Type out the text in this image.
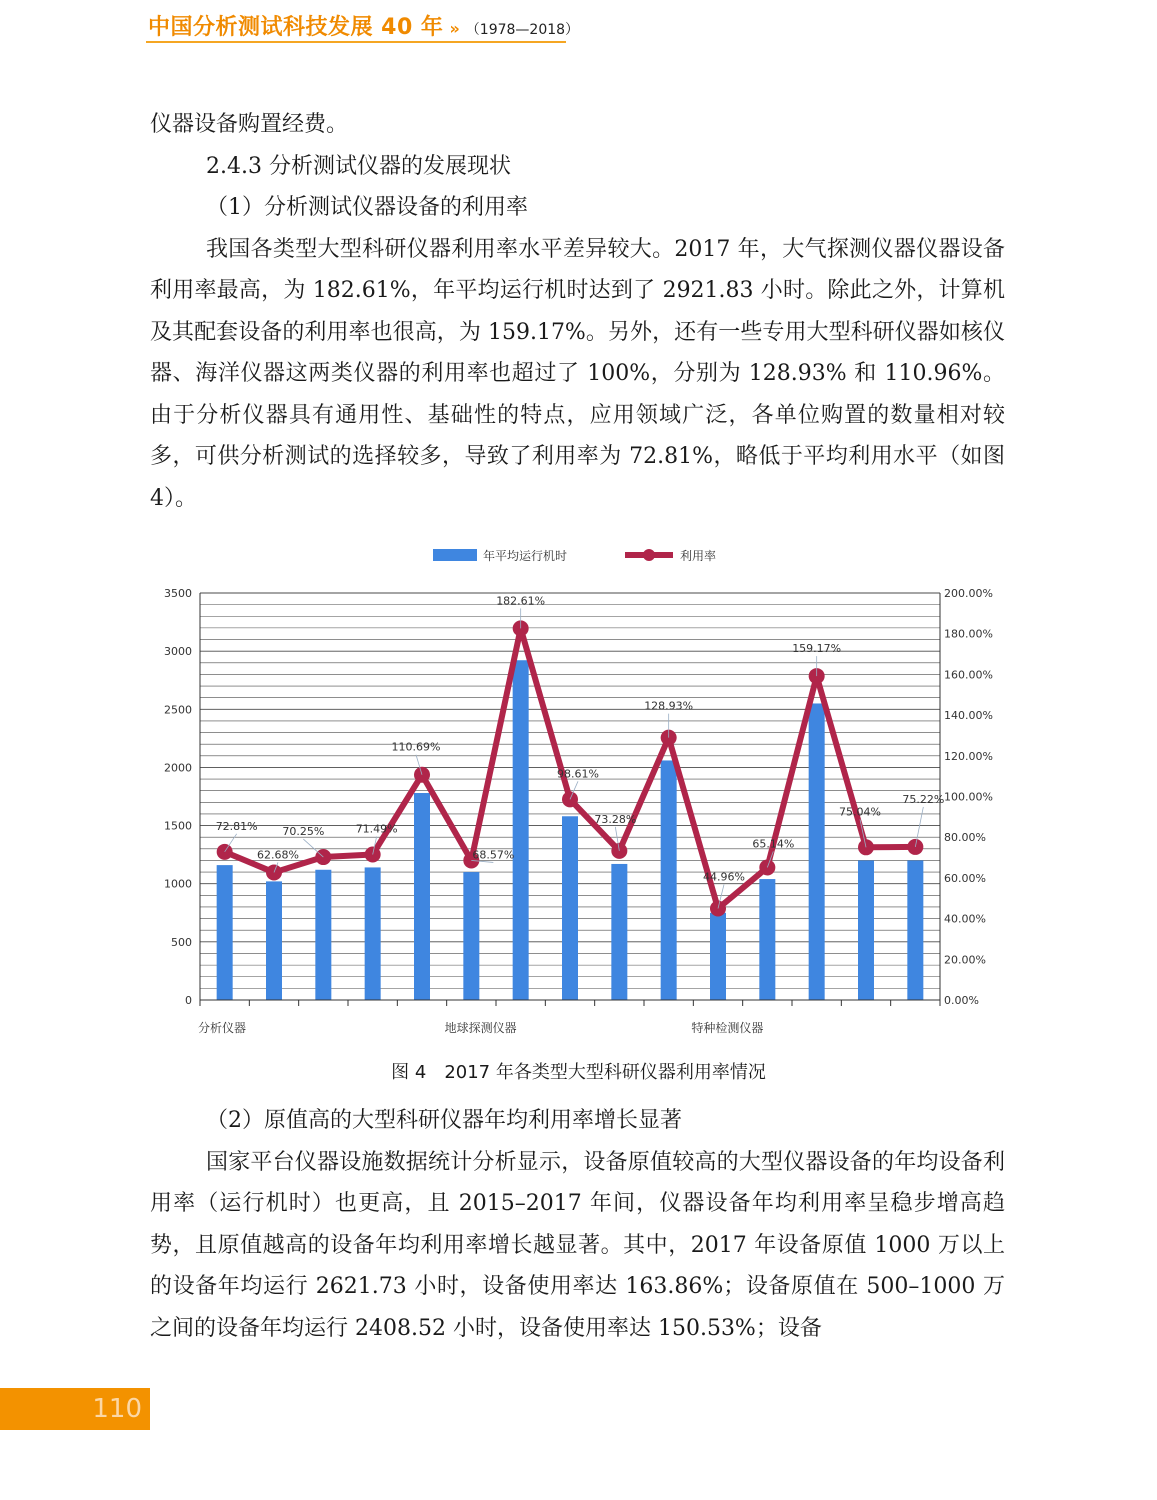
中国分析测试科技发展 40 年 » （1978—2018）

仪器设备购置经费。

2.4.3 分析测试仪器的发展现状

（1）分析测试仪器设备的利用率

我国各类型大型科研仪器利用率水平差异较大。2017 年，大气探测仪器仪器设备利用率最高，为 182.61%，年平均运行机时达到了 2921.83 小时。除此之外，计算机及其配套设备的利用率也很高，为 159.17%。另外，还有一些专用大型科研仪器如核仪器、海洋仪器这两类仪器的利用率也超过了 100%，分别为 128.93% 和 110.96%。由于分析仪器具有通用性、基础性的特点，应用领域广泛，各单位购置的数量相对较多，可供分析测试的选择较多，导致了利用率为 72.81%，略低于平均利用水平（如图 4）。

年平均运行机时	利用率
0
500
1000
1500
2000
2500
3000
3500
0.00%
20.00%
40.00%
60.00%
80.00%
100.00%
120.00%
140.00%
160.00%
180.00%
200.00%
分析仪器	地球探测仪器	特种检测仪器
72.81%
62.68%
70.25%	71.49%
110.69%
68.57%
182.61%
98.61%
73.28%
128.93%
44.96%
65.14%
159.17%
75.04%
75.22%
图 4　2017 年各类型大型科研仪器利用率情况

（2）原值高的大型科研仪器年均利用率增长显著

国家平台仪器设施数据统计分析显示，设备原值较高的大型仪器设备的年均设备利用率（运行机时）也更高，且 2015–2017 年间，仪器设备年均利用率呈稳步增高趋势，且原值越高的设备年均利用率增长越显著。其中，2017 年设备原值 1000 万以上的设备年均运行 2621.73 小时，设备使用率达 163.86%；设备原值在 500–1000 万之间的设备年均运行 2408.52 小时，设备使用率达 150.53%；设备

110
